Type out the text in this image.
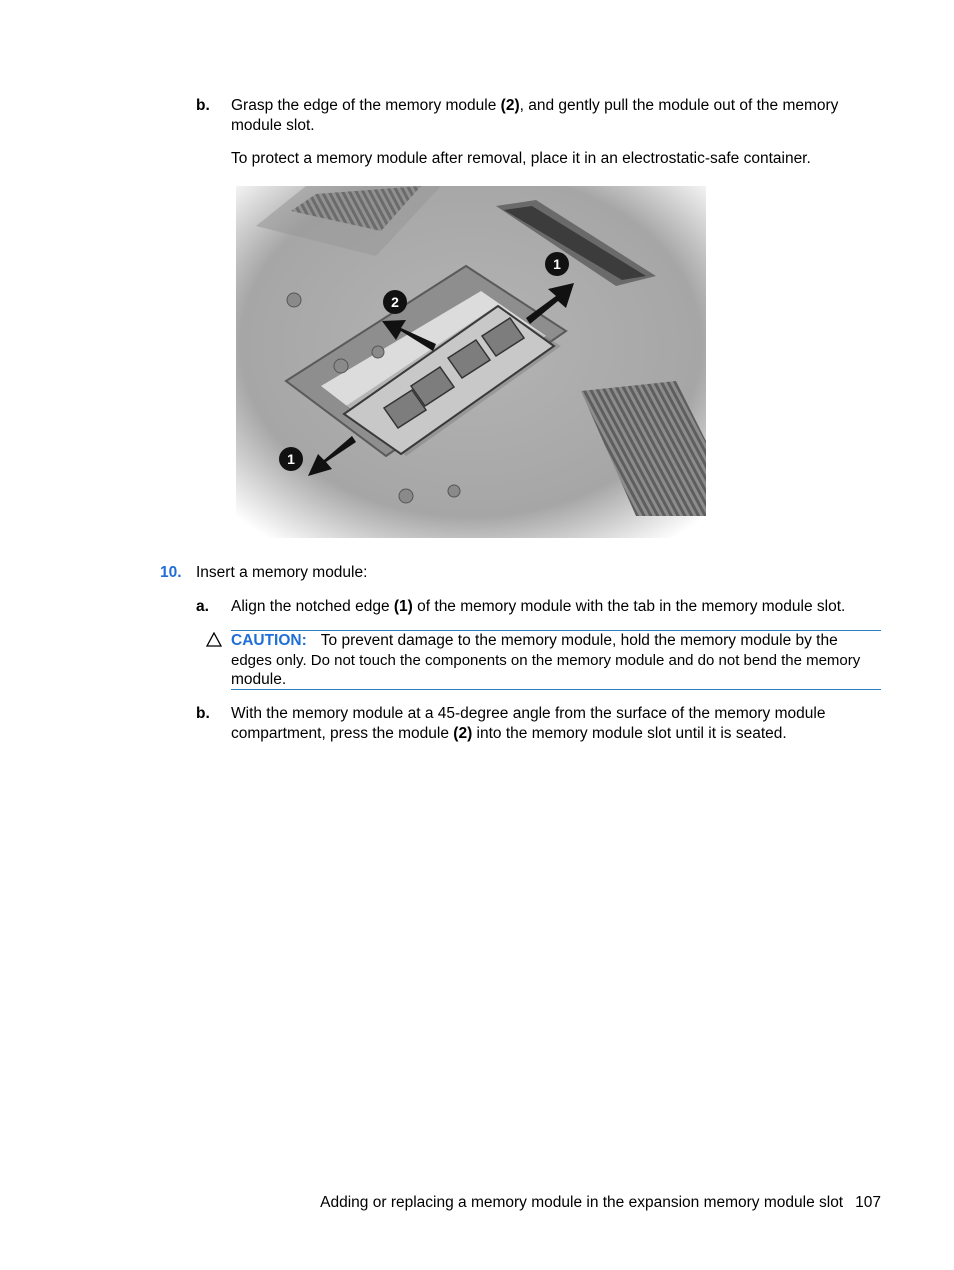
b. Grasp the edge of the memory module (2), and gently pull the module out of the memory
module slot.
To protect a memory module after removal, place it in an electrostatic-safe container.
1
2
1
10. Insert a memory module:
a. Align the notched edge (1) of the memory module with the tab in the memory module slot.
CAUTION: To prevent damage to the memory module, hold the memory module by the
edges only. Do not touch the components on the memory module and do not bend the memory
module.
b. With the memory module at a 45-degree angle from the surface of the memory module
compartment, press the module (2) into the memory module slot until it is seated.
Adding or replacing a memory module in the expansion memory module slot 107
